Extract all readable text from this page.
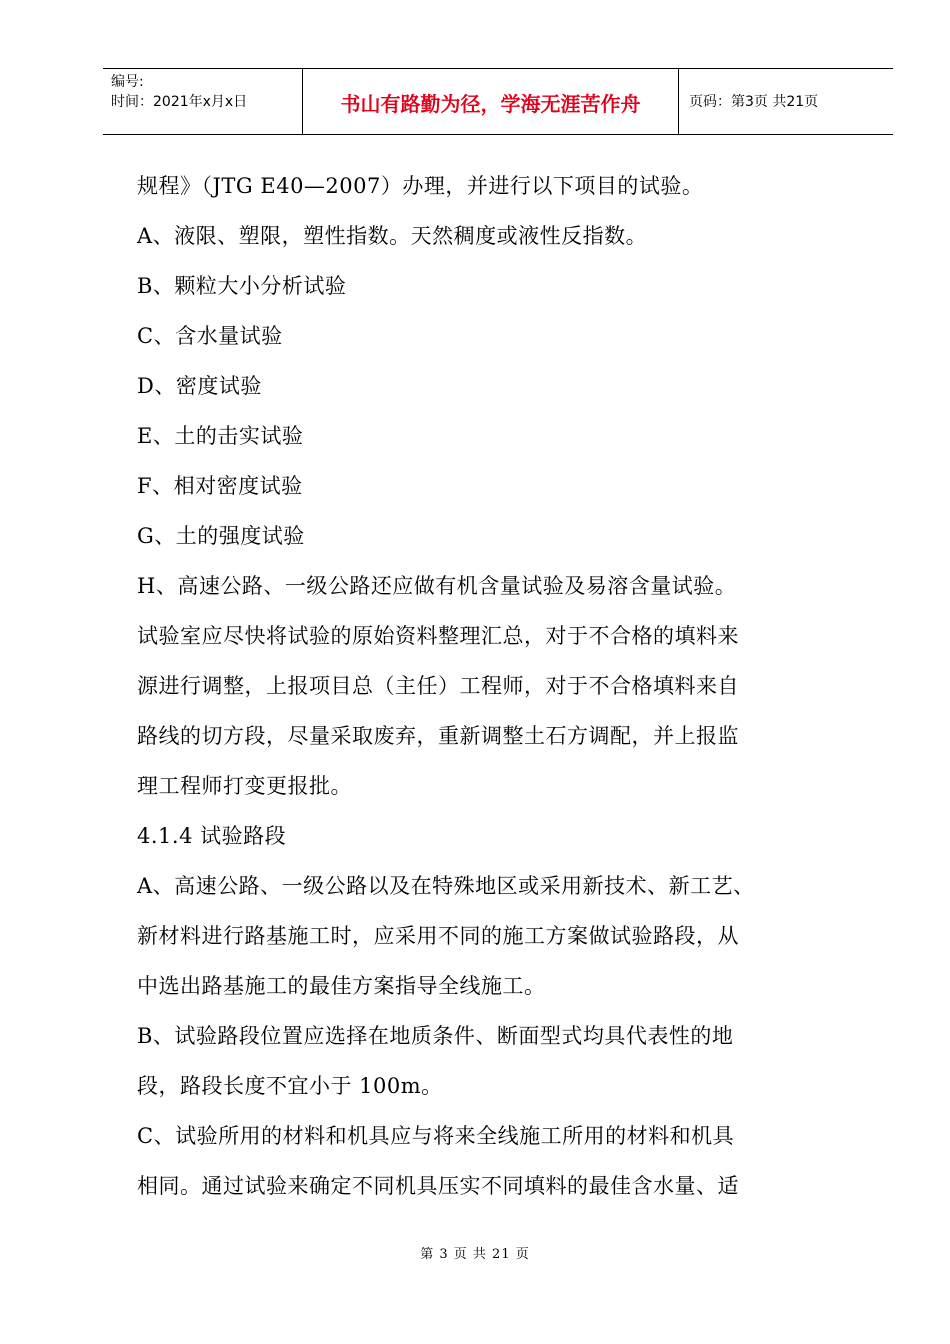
编号:
时间：2021年x月x日	书山有路勤为径，学海无涯苦作舟	页码：第3页 共21页
规程》（JTG E40—2007）办理，并进行以下项目的试验。
A、液限、塑限，塑性指数。天然稠度或液性反指数。
B、颗粒大小分析试验
C、含水量试验
D、密度试验
E、土的击实试验
F、相对密度试验
G、土的强度试验
H、高速公路、一级公路还应做有机含量试验及易溶含量试验。
试验室应尽快将试验的原始资料整理汇总，对于不合格的填料来
源进行调整，上报项目总（主任）工程师，对于不合格填料来自
路线的切方段，尽量采取废弃，重新调整土石方调配，并上报监
理工程师打变更报批。
4.1.4 试验路段
A、高速公路、一级公路以及在特殊地区或采用新技术、新工艺、
新材料进行路基施工时，应采用不同的施工方案做试验路段，从
中选出路基施工的最佳方案指导全线施工。
B、试验路段位置应选择在地质条件、断面型式均具代表性的地
段，路段长度不宜小于 100m。
C、试验所用的材料和机具应与将来全线施工所用的材料和机具
相同。通过试验来确定不同机具压实不同填料的最佳含水量、适
第 3 页 共 21 页
